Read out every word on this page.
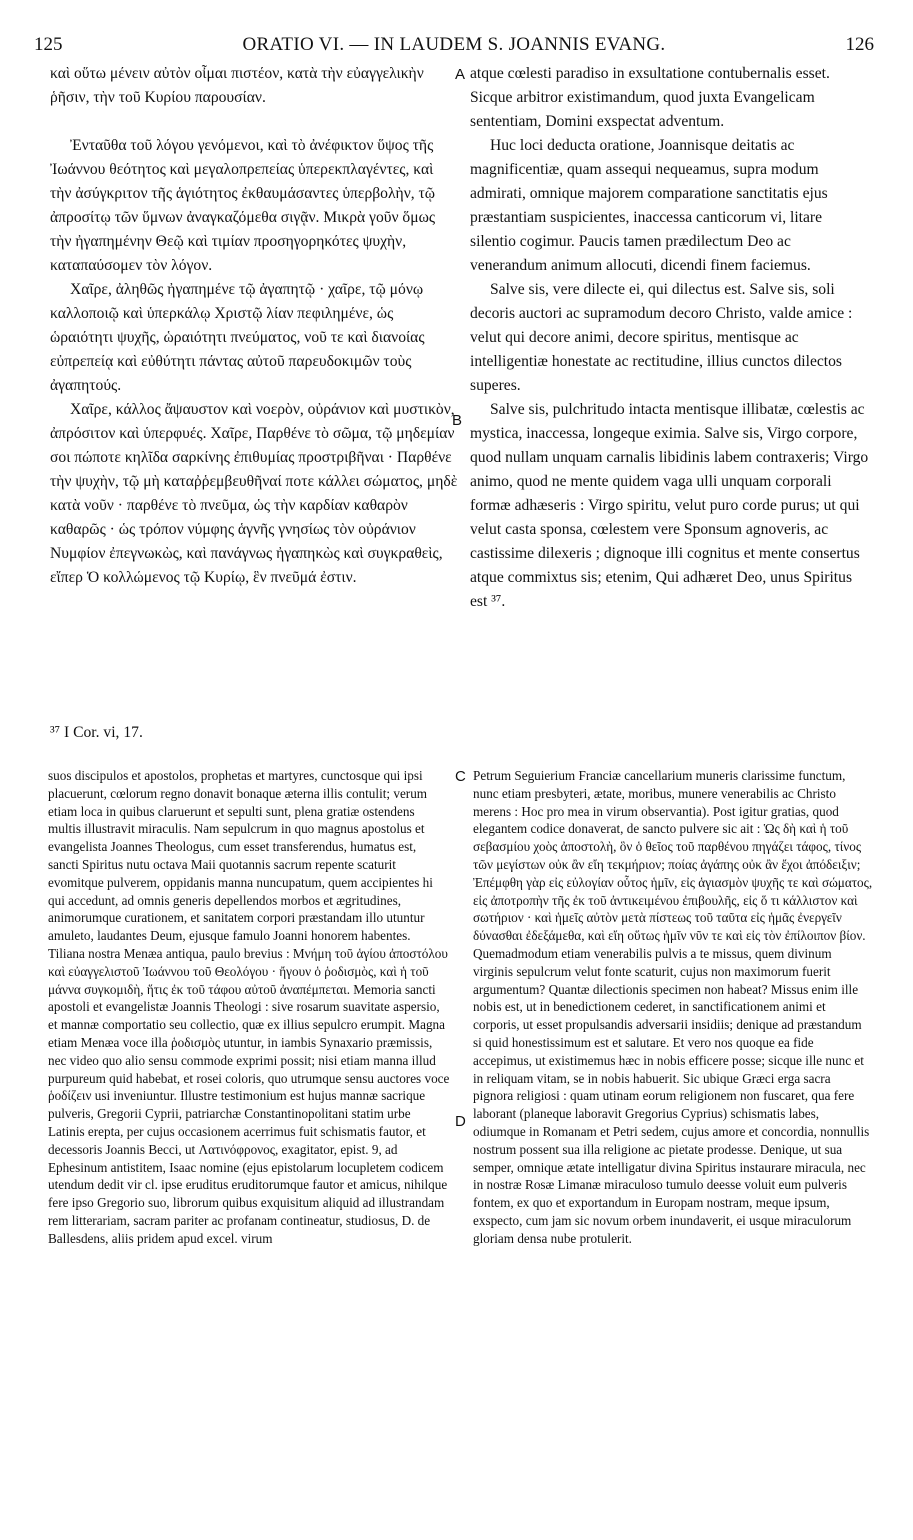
125	ORATIO VI. — IN LAUDEM S. JOANNIS EVANG.	126

καὶ οὕτω μένειν αὐτὸν οἶμαι πιστέον, κατὰ τὴν εὐαγγελικὴν ῥῆσιν, τὴν τοῦ Κυρίου παρουσίαν.

Ἐνταῦθα τοῦ λόγου γενόμενοι, καὶ τὸ ἀνέφικτον ὕψος τῆς Ἰωάννου θεότητος καὶ μεγαλοπρεπείας ὑπερεκπλαγέντες, καὶ τὴν ἀσύγκριτον τῆς ἁγιότητος ἐκθαυμάσαντες ὑπερβολὴν, τῷ ἀπροσίτῳ τῶν ὕμνων ἀναγκαζόμεθα σιγᾷν. Μικρὰ γοῦν ὅμως τὴν ἠγαπημένην Θεῷ καὶ τιμίαν προσηγορηκότες ψυχὴν, καταπαύσομεν τὸν λόγον.

Χαῖρε, ἀληθῶς ἠγαπημένε τῷ ἀγαπητῷ · χαῖρε, τῷ μόνῳ καλλοποιῷ καὶ ὑπερκάλῳ Χριστῷ λίαν πεφιλημένε, ὡς ὡραιότητι ψυχῆς, ὡραιότητι πνεύματος, νοῦ τε καὶ διανοίας εὐπρεπείᾳ καὶ εὐθύτητι πάντας αὐτοῦ παρευδοκιμῶν τοὺς ἀγαπητούς.

Χαῖρε, κάλλος ἄψαυστον καὶ νοερὸν, οὐράνιον καὶ μυστικὸν, ἀπρόσιτον καὶ ὑπερφυές. Χαῖρε, Παρθένε τὸ σῶμα, τῷ μηδεμίαν σοι πώποτε κηλῖδα σαρκίνης ἐπιθυμίας προστριβῆναι · Παρθένε τὴν ψυχὴν, τῷ μὴ καταῤῥεμβευθῆναί ποτε κάλλει σώματος, μηδὲ κατὰ νοῦν · παρθένε τὸ πνεῦμα, ὡς τὴν καρδίαν καθαρὸν καθαρῶς · ὡς τρόπον νύμφης ἁγνῆς γνησίως τὸν οὐράνιον Νυμφίον ἐπεγνωκὼς, καὶ πανάγνως ἠγαπηκὼς καὶ συγκραθεὶς, εἴπερ Ὁ κολλώμενος τῷ Κυρίῳ, ἓν πνεῦμά ἐστιν.

atque cœlesti paradiso in exsultatione contubernalis esset. Sicque arbitror existimandum, quod juxta Evangelicam sententiam, Domini exspectat adventum.

Huc loci deducta oratione, Joannisque deitatis ac magnificentiæ, quam assequi nequeamus, supra modum admirati, omnique majorem comparatione sanctitatis ejus præstantiam suspicientes, inaccessa canticorum vi, litare silentio cogimur. Paucis tamen prædilectum Deo ac venerandum animum allocuti, dicendi finem faciemus.

Salve sis, vere dilecte ei, qui dilectus est. Salve sis, soli decoris auctori ac supramodum decoro Christo, valde amice : velut qui decore animi, decore spiritus, mentisque ac intelligentiæ honestate ac rectitudine, illius cunctos dilectos superes.

Salve sis, pulchritudo intacta mentisque illibatæ, cœlestis ac mystica, inaccessa, longeque eximia. Salve sis, Virgo corpore, quod nullam unquam carnalis libidinis labem contraxeris; Virgo animo, quod ne mente quidem vaga ulli unquam corporali formæ adhæseris : Virgo spiritu, velut puro corde purus; ut qui velut casta sponsa, cœlestem vere Sponsum agnoveris, ac castissime dilexeris ; dignoque illi cognitus et mente consertus atque commixtus sis; etenim, Qui adhæret Deo, unus Spiritus est ³⁷.

³⁷ I Cor. vi, 17.

suos discipulos et apostolos, prophetas et martyres, cunctosque qui ipsi placuerunt, cœlorum regno donavit bonaque æterna illis contulit; verum etiam loca in quibus claruerunt et sepulti sunt, plena gratiæ ostendens multis illustravit miraculis. Nam sepulcrum in quo magnus apostolus et evangelista Joannes Theologus, cum esset transferendus, humatus est, sancti Spiritus nutu octava Maii quotannis sacrum repente scaturit evomitque pulverem, oppidanis manna nuncupatum, quem accipientes hi qui accedunt, ad omnis generis depellendos morbos et ægritudines, animorumque curationem, et sanitatem corpori præstandam illo utuntur amuleto, laudantes Deum, ejusque famulo Joanni honorem habentes. Tiliana nostra Menæa antiqua, paulo brevius : Μνήμη τοῦ ἁγίου ἀποστόλου καὶ εὐαγγελιστοῦ Ἰωάννου τοῦ Θεολόγου · ἤγουν ὁ ῥοδισμὸς, καὶ ἡ τοῦ μάννα συγκομιδὴ, ἥτις ἐκ τοῦ τάφου αὐτοῦ ἀναπέμπεται. Memoria sancti apostoli et evangelistæ Joannis Theologi : sive rosarum suavitate aspersio, et mannæ comportatio seu collectio, quæ ex illius sepulcro erumpit. Magna etiam Menæa voce illa ῥοδισμὸς utuntur, in iambis Synaxario præmissis, nec video quo alio sensu commode exprimi possit; nisi etiam manna illud purpureum quid habebat, et rosei coloris, quo utrumque sensu auctores voce ῥοδίζειν usi inveniuntur. Illustre testimonium est hujus mannæ sacrique pulveris, Gregorii Cyprii, patriarchæ Constantinopolitani statim urbe Latinis erepta, per cujus occasionem acerrimus fuit schismatis fautor, et decessoris Joannis Becci, ut Λατινόφρονος, exagitator, epist. 9, ad Ephesinum antistitem, Isaac nomine (ejus epistolarum locupletem codicem utendum dedit vir cl. ipse eruditus eruditorumque fautor et amicus, nihilque fere ipso Gregorio suo, librorum quibus exquisitum aliquid ad illustrandam rem litterariam, sacram pariter ac profanam contineatur, studiosus, D. de Ballesdens, aliis pridem apud excel. virum

Petrum Seguierium Franciæ cancellarium muneris clarissime functum, nunc etiam presbyteri, ætate, moribus, munere venerabilis ac Christo merens : Hoc pro mea in virum observantia). Post igitur gratias, quod elegantem codice donaverat, de sancto pulvere sic ait : Ὡς δὴ καὶ ἡ τοῦ σεβασμίου χοὸς ἀποστολὴ, ὃν ὁ θεῖος τοῦ παρθένου πηγάζει τάφος, τίνος τῶν μεγίστων οὐκ ἂν εἴη τεκμήριον; ποίας ἀγάπης οὐκ ἂν ἔχοι ἀπόδειξιν; Ἐπέμφθη γὰρ εἰς εὐλογίαν οὗτος ἡμῖν, εἰς ἁγιασμὸν ψυχῆς τε καὶ σώματος, εἰς ἀποτροπὴν τῆς ἐκ τοῦ ἀντικειμένου ἐπιβουλῆς, εἰς ὅ τι κάλλιστον καὶ σωτήριον · καὶ ἡμεῖς αὐτὸν μετὰ πίστεως τοῦ ταῦτα εἰς ἡμᾶς ἐνεργεῖν δύνασθαι ἐδεξάμεθα, καὶ εἴη οὕτως ἡμῖν νῦν τε καὶ εἰς τὸν ἐπίλοιπον βίον. Quemadmodum etiam venerabilis pulvis a te missus, quem divinum virginis sepulcrum velut fonte scaturit, cujus non maximorum fuerit argumentum? Quantæ dilectionis specimen non habeat? Missus enim ille nobis est, ut in benedictionem cederet, in sanctificationem animi et corporis, ut esset propulsandis adversarii insidiis; denique ad præstandum si quid honestissimum est et salutare. Et vero nos quoque ea fide accepimus, ut existimemus hæc in nobis efficere posse; sicque ille nunc et in reliquam vitam, se in nobis habuerit. Sic ubique Græci erga sacra pignora religiosi : quam utinam eorum religionem non fuscaret, qua fere laborant (planeque laboravit Gregorius Cyprius) schismatis labes, odiumque in Romanam et Petri sedem, cujus amore et concordia, nonnullis nostrum possent sua illa religione ac pietate prodesse. Denique, ut sua semper, omnique ætate intelligatur divina Spiritus instaurare miracula, nec in nostræ Rosæ Limanæ miraculoso tumulo deesse voluit eum pulveris fontem, ex quo et exportandum in Europam nostram, meque ipsum, exspecto, cum jam sic novum orbem inundaverit, ei usque miraculorum gloriam densa nube protulerit.

A
B
C
D
